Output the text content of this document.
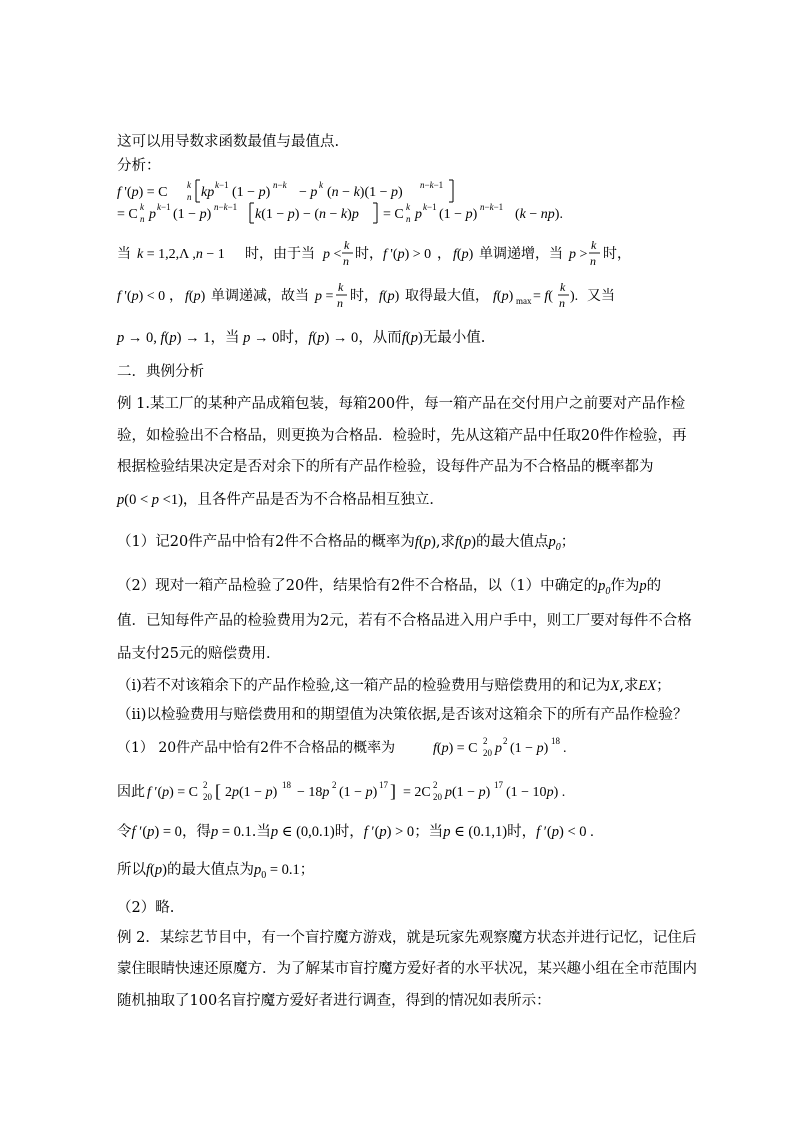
这可以用导数求函数最值与最值点.
分析：
f '(p) = C k
n kp k−1 (1 − p) n−k − p k (n − k)(1 − p) n−k−1
= C k
n p k−1 (1 − p) n−k−1 k(1 − p) − (n − k)p = C k
n p k−1 (1 − p) n−k−1 (k − np).
当 k = 1,2,Λ ,n − 1 时，由于当 p <
k
n 时， f '(p) > 0 ， f(p) 单调递增，当 p >
k
n 时，
f '(p) < 0 ， f(p) 单调递减，故当 p =
k
n 时， f(p) 取得最大值， f(p) max = f(
k
n ). 又当
p → 0, f(p) → 1，当 p → 0时，f(p) → 0，从而f(p)无最小值.
二．典例分析
例 1.某工厂的某种产品成箱包装，每箱200件，每一箱产品在交付用户之前要对产品作检
验，如检验出不合格品，则更换为合格品．检验时，先从这箱产品中任取20件作检验，再
根据检验结果决定是否对余下的所有产品作检验，设每件产品为不合格品的概率都为
p(0 < p <1)，且各件产品是否为不合格品相互独立．
（1）记20件产品中恰有2件不合格品的概率为f(p),求f(p)的最大值点$p_0$；
（2）现对一箱产品检验了20件，结果恰有2件不合格品，以（1）中确定的$p_0$作为p的
值．已知每件产品的检验费用为2元，若有不合格品进入用户手中，则工厂要对每件不合格
品支付25元的赔偿费用．
（i)若不对该箱余下的产品作检验,这一箱产品的检验费用与赔偿费用的和记为X,求EX；
（ii)以检验费用与赔偿费用和的期望值为决策依据,是否该对这箱余下的所有产品作检验？
（1） 20件产品中恰有2件不合格品的概率为	f(p) = C 2
20 p 2 (1 − p) 18 .
因此 f ′(p) = C 2
20 [ 2p(1 − p) 18 − 18p 2 (1 − p) 17 ] = 2C 2
20 p(1 − p) 17 (1 − 10p) .
令f ′(p) = 0，得p = 0.1.当p ∈ (0,0.1)时，f ′(p) > 0；当p ∈ (0.1,1)时，f ′(p) < 0 .
所以f(p)的最大值点为$p_0 = 0.1$；
（2）略.
例 2．某综艺节目中，有一个盲拧魔方游戏，就是玩家先观察魔方状态并进行记忆，记住后
蒙住眼睛快速还原魔方．为了解某市盲拧魔方爱好者的水平状况，某兴趣小组在全市范围内
随机抽取了100名盲拧魔方爱好者进行调查，得到的情况如表所示：
